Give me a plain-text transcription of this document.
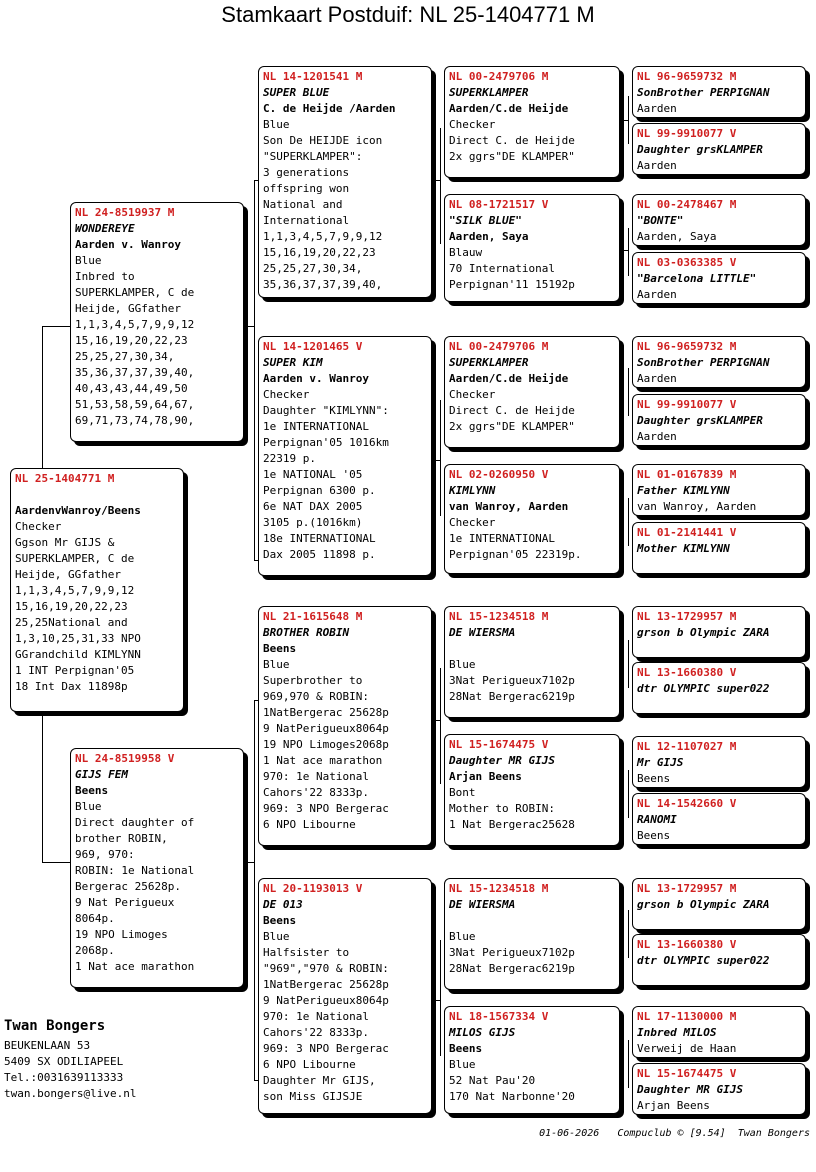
Stamkaart Postduif: NL 25-1404771 M
NL 25-1404771 M
AardenvWanroy/Beens
Checker
Ggson Mr GIJS &
SUPERKLAMPER, C de
Heijde, GGfather
1,1,3,4,5,7,9,9,12
15,16,19,20,22,23
25,25National and
1,3,10,25,31,33 NPO
GGrandchild KIMLYNN
1 INT Perpignan'05
18 Int Dax 11898p
NL 24-8519937 M
WONDEREYE
Aarden v. Wanroy
Blue
Inbred to
SUPERKLAMPER, C de
Heijde, GGfather
1,1,3,4,5,7,9,9,12
15,16,19,20,22,23
25,25,27,30,34,
35,36,37,37,39,40,
40,43,43,44,49,50
51,53,58,59,64,67,
69,71,73,74,78,90,
NL 24-8519958 V
GIJS FEM
Beens
Blue
Direct daughter of
brother ROBIN,
969, 970:
ROBIN: 1e National
Bergerac 25628p.
9 Nat Perigueux
8064p.
19 NPO Limoges
2068p.
1 Nat ace marathon
NL 14-1201541 M
SUPER BLUE
C. de Heijde /Aarden
Blue
Son De HEIJDE icon
"SUPERKLAMPER":
3 generations
offspring won
National and
International
1,1,3,4,5,7,9,9,12
15,16,19,20,22,23
25,25,27,30,34,
35,36,37,37,39,40,
NL 14-1201465 V
SUPER KIM
Aarden v. Wanroy
Checker
Daughter "KIMLYNN":
1e INTERNATIONAL
Perpignan'05 1016km
22319 p.
1e NATIONAL '05
Perpignan 6300 p.
6e NAT DAX 2005
3105 p.(1016km)
18e INTERNATIONAL
Dax 2005 11898 p.
NL 21-1615648 M
BROTHER ROBIN
Beens
Blue
Superbrother to
969,970 & ROBIN:
1NatBergerac 25628p
9 NatPerigueux8064p
19 NPO Limoges2068p
1 Nat ace marathon
970: 1e National
Cahors'22 8333p.
969: 3 NPO Bergerac
6 NPO Libourne
NL 20-1193013 V
DE 013
Beens
Blue
Halfsister to
"969","970 & ROBIN:
1NatBergerac 25628p
9 NatPerigueux8064p
970: 1e National
Cahors'22 8333p.
969: 3 NPO Bergerac
6 NPO Libourne
Daughter Mr GIJS,
son Miss GIJSJE
NL 00-2479706 M
SUPERKLAMPER
Aarden/C.de Heijde
Checker
Direct C. de Heijde
2x ggrs"DE KLAMPER"
NL 08-1721517 V
"SILK BLUE"
Aarden, Saya
Blauw
70 International
Perpignan'11 15192p
NL 00-2479706 M
SUPERKLAMPER
Aarden/C.de Heijde
Checker
Direct C. de Heijde
2x ggrs"DE KLAMPER"
NL 02-0260950 V
KIMLYNN
van Wanroy, Aarden
Checker
1e INTERNATIONAL
Perpignan'05 22319p.
NL 15-1234518 M
DE WIERSMA
Blue
3Nat Perigueux7102p
28Nat Bergerac6219p
NL 15-1674475 V
Daughter MR GIJS
Arjan Beens
Bont
Mother to ROBIN:
1 Nat Bergerac25628
NL 15-1234518 M
DE WIERSMA
Blue
3Nat Perigueux7102p
28Nat Bergerac6219p
NL 18-1567334 V
MILOS GIJS
Beens
Blue
52 Nat Pau'20
170 Nat Narbonne'20
NL 96-9659732 M
SonBrother PERPIGNAN
Aarden
NL 99-9910077 V
Daughter grsKLAMPER
Aarden
NL 00-2478467 M
"BONTE"
Aarden, Saya
NL 03-0363385 V
"Barcelona LITTLE"
Aarden
NL 96-9659732 M
SonBrother PERPIGNAN
Aarden
NL 99-9910077 V
Daughter grsKLAMPER
Aarden
NL 01-0167839 M
Father KIMLYNN
van Wanroy, Aarden
NL 01-2141441 V
Mother KIMLYNN
NL 13-1729957 M
grson b Olympic ZARA
NL 13-1660380 V
dtr OLYMPIC super022
NL 12-1107027 M
Mr GIJS
Beens
NL 14-1542660 V
RANOMI
Beens
NL 13-1729957 M
grson b Olympic ZARA
NL 13-1660380 V
dtr OLYMPIC super022
NL 17-1130000 M
Inbred MILOS
Verweij de Haan
NL 15-1674475 V
Daughter MR GIJS
Arjan Beens
Twan Bongers
BEUKENLAAN 53
5409 SX ODILIAPEEL
Tel.:0031639113333
twan.bongers@live.nl
01-06-2026   Compuclub © [9.54]  Twan Bongers
